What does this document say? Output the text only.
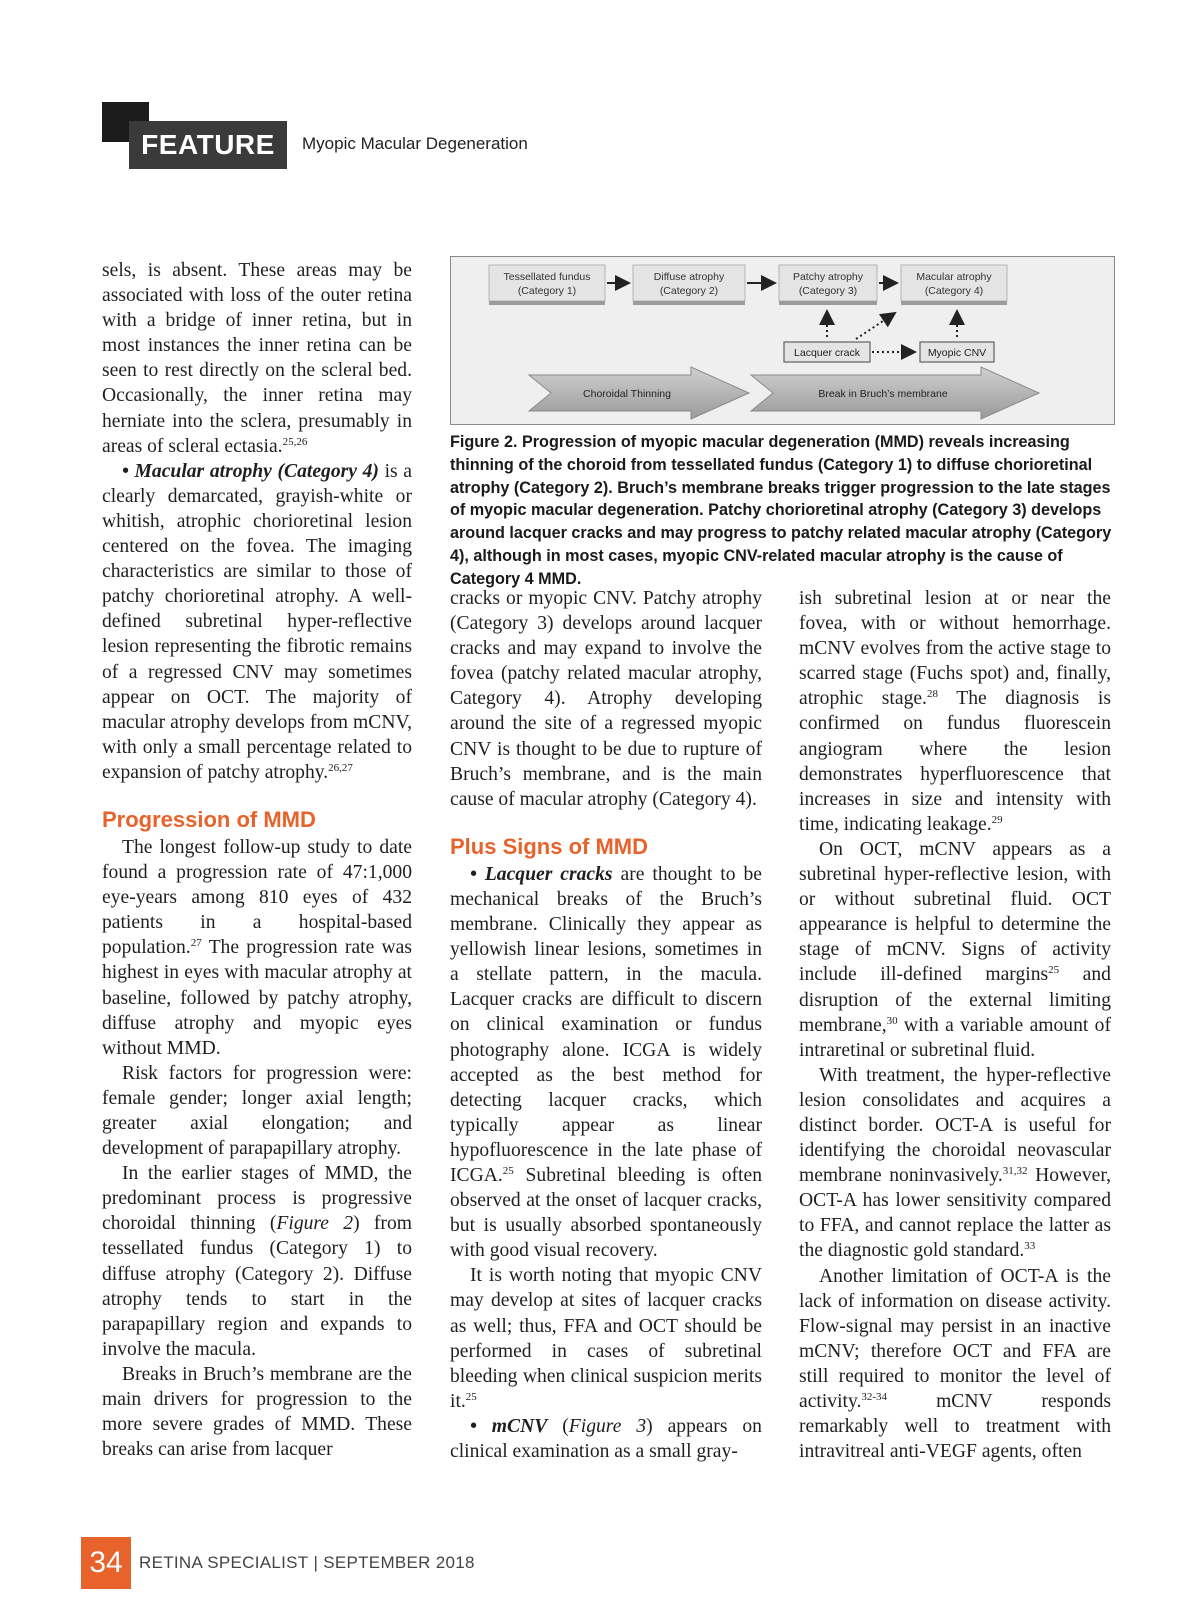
FEATURE	Myopic Macular Degeneration
Tessellated fundus
(Category 1)
Diffuse atrophy
(Category 2)
Patchy atrophy
(Category 3)
Macular atrophy
(Category 4)
Lacquer crack	Myopic CNV
Choroidal Thinning	Break in Bruch’s membrane
Figure 2. Progression of myopic macular degeneration (MMD) reveals increasing thinning of the choroid from tessellated fundus (Category 1) to diffuse chorioretinal atrophy (Category 2). Bruch’s membrane breaks trigger progression to the late stages of myopic macular degeneration. Patchy chorioretinal atrophy (Category 3) develops around lacquer cracks and may progress to patchy related macular atrophy (Category 4), although in most cases, myopic CNV-related macular atrophy is the cause of Category 4 MMD.

sels, is absent. These areas may be associated with loss of the outer retina with a bridge of inner retina, but in most instances the inner retina can be seen to rest directly on the scleral bed. Occasionally, the inner retina may herniate into the sclera, presumably in areas of scleral ectasia.$^{25,26}$

• Macular atrophy (Category 4) is a clearly demarcated, grayish-white or whitish, atrophic chorioretinal lesion centered on the fovea. The imaging characteristics are similar to those of patchy chorioretinal atrophy. A well-defined subretinal hyper-reflective lesion representing the fibrotic remains of a regressed CNV may sometimes appear on OCT. The majority of macular atrophy develops from mCNV, with only a small percentage related to expansion of patchy atrophy.$^{26,27}$

Progression of MMD

The longest follow-up study to date found a progression rate of 47:1,000 eye-years among 810 eyes of 432 patients in a hospital-based population.$^{27}$ The progression rate was highest in eyes with macular atrophy at baseline, followed by patchy atrophy, diffuse atrophy and myopic eyes without MMD.

Risk factors for progression were: female gender; longer axial length; greater axial elongation; and development of parapapillary atrophy.

In the earlier stages of MMD, the predominant process is progressive choroidal thinning (Figure 2) from tessellated fundus (Category 1) to diffuse atrophy (Category 2). Diffuse atrophy tends to start in the parapapillary region and expands to involve the macula.

Breaks in Bruch’s membrane are the main drivers for progression to the more severe grades of MMD. These breaks can arise from lacquer

cracks or myopic CNV. Patchy atrophy (Category 3) develops around lacquer cracks and may expand to involve the fovea (patchy related macular atrophy, Category 4). Atrophy developing around the site of a regressed myopic CNV is thought to be due to rupture of Bruch’s membrane, and is the main cause of macular atrophy (Category 4).

Plus Signs of MMD

• Lacquer cracks are thought to be mechanical breaks of the Bruch’s membrane. Clinically they appear as yellowish linear lesions, sometimes in a stellate pattern, in the macula. Lacquer cracks are difficult to discern on clinical examination or fundus photography alone. ICGA is widely accepted as the best method for detecting lacquer cracks, which typically appear as linear hypofluorescence in the late phase of ICGA.$^{25}$ Subretinal bleeding is often observed at the onset of lacquer cracks, but is usually absorbed spontaneously with good visual recovery.

It is worth noting that myopic CNV may develop at sites of lacquer cracks as well; thus, FFA and OCT should be performed in cases of subretinal bleeding when clinical suspicion merits it.$^{25}$

• mCNV (Figure 3) appears on clinical examination as a small gray-

ish subretinal lesion at or near the fovea, with or without hemorrhage. mCNV evolves from the active stage to scarred stage (Fuchs spot) and, finally, atrophic stage.$^{28}$ The diagnosis is confirmed on fundus fluorescein angiogram where the lesion demonstrates hyperfluorescence that increases in size and intensity with time, indicating leakage.$^{29}$

On OCT, mCNV appears as a subretinal hyper-reflective lesion, with or without subretinal fluid. OCT appearance is helpful to determine the stage of mCNV. Signs of activity include ill-defined margins$^{25}$ and disruption of the external limiting membrane,$^{30}$ with a variable amount of intraretinal or subretinal fluid.

With treatment, the hyper-reflective lesion consolidates and acquires a distinct border. OCT-A is useful for identifying the choroidal neovascular membrane noninvasively.$^{31,32}$ However, OCT-A has lower sensitivity compared to FFA, and cannot replace the latter as the diagnostic gold standard.$^{33}$

Another limitation of OCT-A is the lack of information on disease activity. Flow-signal may persist in an inactive mCNV; therefore OCT and FFA are still required to monitor the level of activity.$^{32-34}$ mCNV responds remarkably well to treatment with intravitreal anti-VEGF agents, often

34 RETINA SPECIALIST | SEPTEMBER 2018
